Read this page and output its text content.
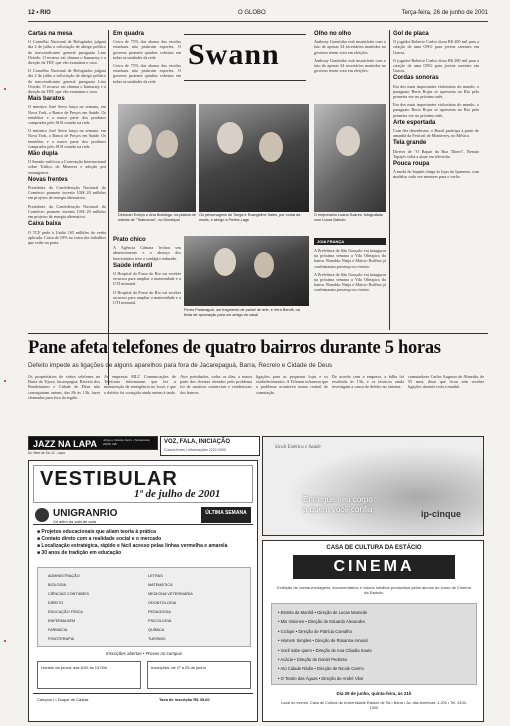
12 • RIO	O GLOBO	Terça-feira, 26 de junho de 2001
Cartas na mesa
O Conselho Nacional de Refugiados julgará dia 2 de julho a solicitação de abrigo político do narcotraficante general paraguaio Lino Oviedo. O recurso vai chamar o Itamaraty e a direção da TEF, que vão examinar o caso.
O Conselho Nacional de Refugiados julgará dia 2 de julho a solicitação de abrigo político do narcotraficante general paraguaio Lino Oviedo. O recurso vai chamar o Itamaraty e a direção da TEF, que vão examinar o caso.
Mais baratos
O ministro José Serra lança na semana, em Nova York, o Banco de Preços em Saúde. Os remédios e a maior parte dos produtos comprados pelo SUS estarão na rede.
O ministro José Serra lança na semana, em Nova York, o Banco de Preços em Saúde. Os remédios e a maior parte dos produtos comprados pelo SUS estarão na rede.
Mão dupla
O Senado ratificou a Convenção Internacional sobre Tráfico de Menores e adoção por estrangeiros.
Novas frentes
Presidente da Confederação Nacional do Comércio promete investir US$ 20 milhões em projetos de energia alternativa.
Presidente da Confederação Nacional do Comércio promete investir US$ 20 milhões em projetos de energia alternativa.
Caixa baixa
O TCF pede à União 165 milhões de verba aplicada. Caixa de 10% no caixa dos trabalhos que estão na praia.
Em quadra
Cerca de 75% dos alunos das escolas estaduais não praticam esportes. O governo promete quadras cobertas em todas as unidades da rede.
Cerca de 75% dos alunos das escolas estaduais não praticam esportes. O governo promete quadras cobertas em todas as unidades da rede.
Swann
Deborah Evelyn e Ana Botafogo, na plateia de estreia de "Teatrocrax", no Municipal
Os personagens de Tonga e Evangeline Sales, por conta da moda, e abrigo a Penha Lage
Prato chico
A Agência Câmara fechou seu abastecimento e o almoço dos funcionários teve o cardápio reduzido.
Saúde infantil
O Hospital da Posse do Rio vai receber recursos para ampliar a maternidade e a UTI neonatal.
O Hospital da Posse do Rio vai receber recursos para ampliar a maternidade e a UTI neonatal.
Pedro Paranaguá, um fragmento de painel de arte, e Vera Bendit, na festa de aprovação para um amigo do casal
Olho no olho
Anthony Garotinho está insatisfeito com o fato de apenas 34 secretários mantidos no governo terem voto em eleições.
Anthony Garotinho está insatisfeito com o fato de apenas 34 secretários mantidos no governo terem voto em eleições.
O empresário Luana Soares, fotografado com Lucas Bartolo
JOIA FRANÇA
A Prefeitura de São Gonçalo vai inaugurar na próxima semana a Vila Olímpica do bairro. Ronaldo Ninja e Márcio Ruffino já confirmaram presença no evento.
A Prefeitura de São Gonçalo vai inaugurar na próxima semana a Vila Olímpica do bairro. Ronaldo Ninja e Márcio Ruffino já confirmaram presença no evento.
Gol de placa
O jogador Roberto Carlos doou R$ 200 mil para a criação de uma ONG para jovens carentes em Garcia.
O jogador Roberto Carlos doou R$ 200 mil para a criação de uma ONG para jovens carentes em Garcia.
Cordas sonoras
Em dos mais importantes violonistas do mundo, o paraguaio Berta Rojas se apresenta no Rio pela primeira vez no próximo mês.
Em dos mais importantes violonistas do mundo, o paraguaio Berta Rojas se apresenta no Rio pela primeira vez no próximo mês.
Arte esportada
Com dez desenhistas, o Brasil participa a partir de amanhã do Festival de Monterrey, no México.
Tela grande
Diretor de "O Rapaz da Rua Tiberó", Renato Tapajós volta a atuar em televisão.
Pouca roupa
A moda do biquíni chega às lojas de Ipanema, com modelos cada vez menores para o verão.
Pane afeta telefones de quatro bairros durante 5 horas
Defeito impede as ligações de alguns aparelhos para fora de Jacarepaguá, Barra, Recreio e Cidade de Deus
Os proprietários de vários telefones na Barra da Tijuca, Jacarepaguá, Recreio dos Bandeirantes e Cidade de Deus não conseguiram ontem, das 8h às 13h, fazer chamadas para fora da região.
As empresas MLC Comunicações de Telefonia informaram que fez a manutenção de emergência no local, e que o defeito foi corrigido ainda ontem à tarde.
Atos pertubados, todos os dias, a maior parte dos clientes afetados pelo problema foi de usuários comerciais e residenciais dos bairros.
ligações para as pequenas lojas e os estabelecimentos. A Telemar informou que o problema aconteceu numa central de comutação.
De acordo com a empresa, a falha foi resolvida às 13h, e os técnicos ainda investigam a causa do defeito no sistema.
comutadores Carlos Augusto de Almeida, de 55 anos, disse que ficou sem receber ligações durante toda a manhã.
JAZZ NA LAPA Jorge e Celeste Ferro • Sexta-feira, 29/06, 22h	VOZ, FALA, INICIAÇÃO
Cursos livres • Informações 2222-0000
Av. Mem de Sá, 22 - Lapa
Sicali Estética e Saúde
Entregue seu corpo
a quem você confia	ip-cinque
VESTIBULAR
1º de julho de 2001
UNIGRANRIO
Vá além da sala de aula
ÚLTIMA SEMANA
■ Projetos educacionais que aliam teoria à prática
■ Contato direto com a realidade social e o mercado
■ Localização estratégica, rápido e fácil acesso pelas linhas vermelha e amarela
■ 30 anos de tradição em educação
ADMINISTRAÇÃO
BIOLOGIA
CIÊNCIAS CONTÁBEIS
DIREITO
EDUCAÇÃO FÍSICA
ENFERMAGEM
FARMÁCIA
FISIOTERAPIA
LETRAS
MATEMÁTICA
MEDICINA VETERINÁRIA
ODONTOLOGIA
PEDAGOGIA
PSICOLOGIA
QUÍMICA
TURISMO
Inscrições abertas • Provas no campus
Horário da prova: das 8:00 às 13:00h	Inscrições: de 1º a 29 de junho
Campus I • Duque de Caxias	Taxa de inscrição R$ 35,00
CASA DE CULTURA DA ESTÁCIO
CINEMA
Exibição de curtas-metragens, documentários e vídeos inéditos produzidos pelos alunos do curso de Cinema da Estácio.
• Estrela da Manhã • Direção de Lucas Mamede
• Mis Visiones • Direção de Eduardo Alexandre
• Ciclope • Direção de Patrícia Carvalho
• Homem Simples • Direção de Rosanna Amaral
• Você sabe quem • Direção de Ana Cláudia Souto
• Acácia • Direção de Daniel Pedrosa
• Ato Cidade Rádio • Direção de Nicole Carmo
• O Teatro das Águas • Direção de André Vilar
Dia 29 de junho, quinta-feira, às 21h
Local do evento: Casa de Cultura da Universidade Estácio de Sá • Barra • Av. das Américas, 4.200 • Tel. 2434-1000
